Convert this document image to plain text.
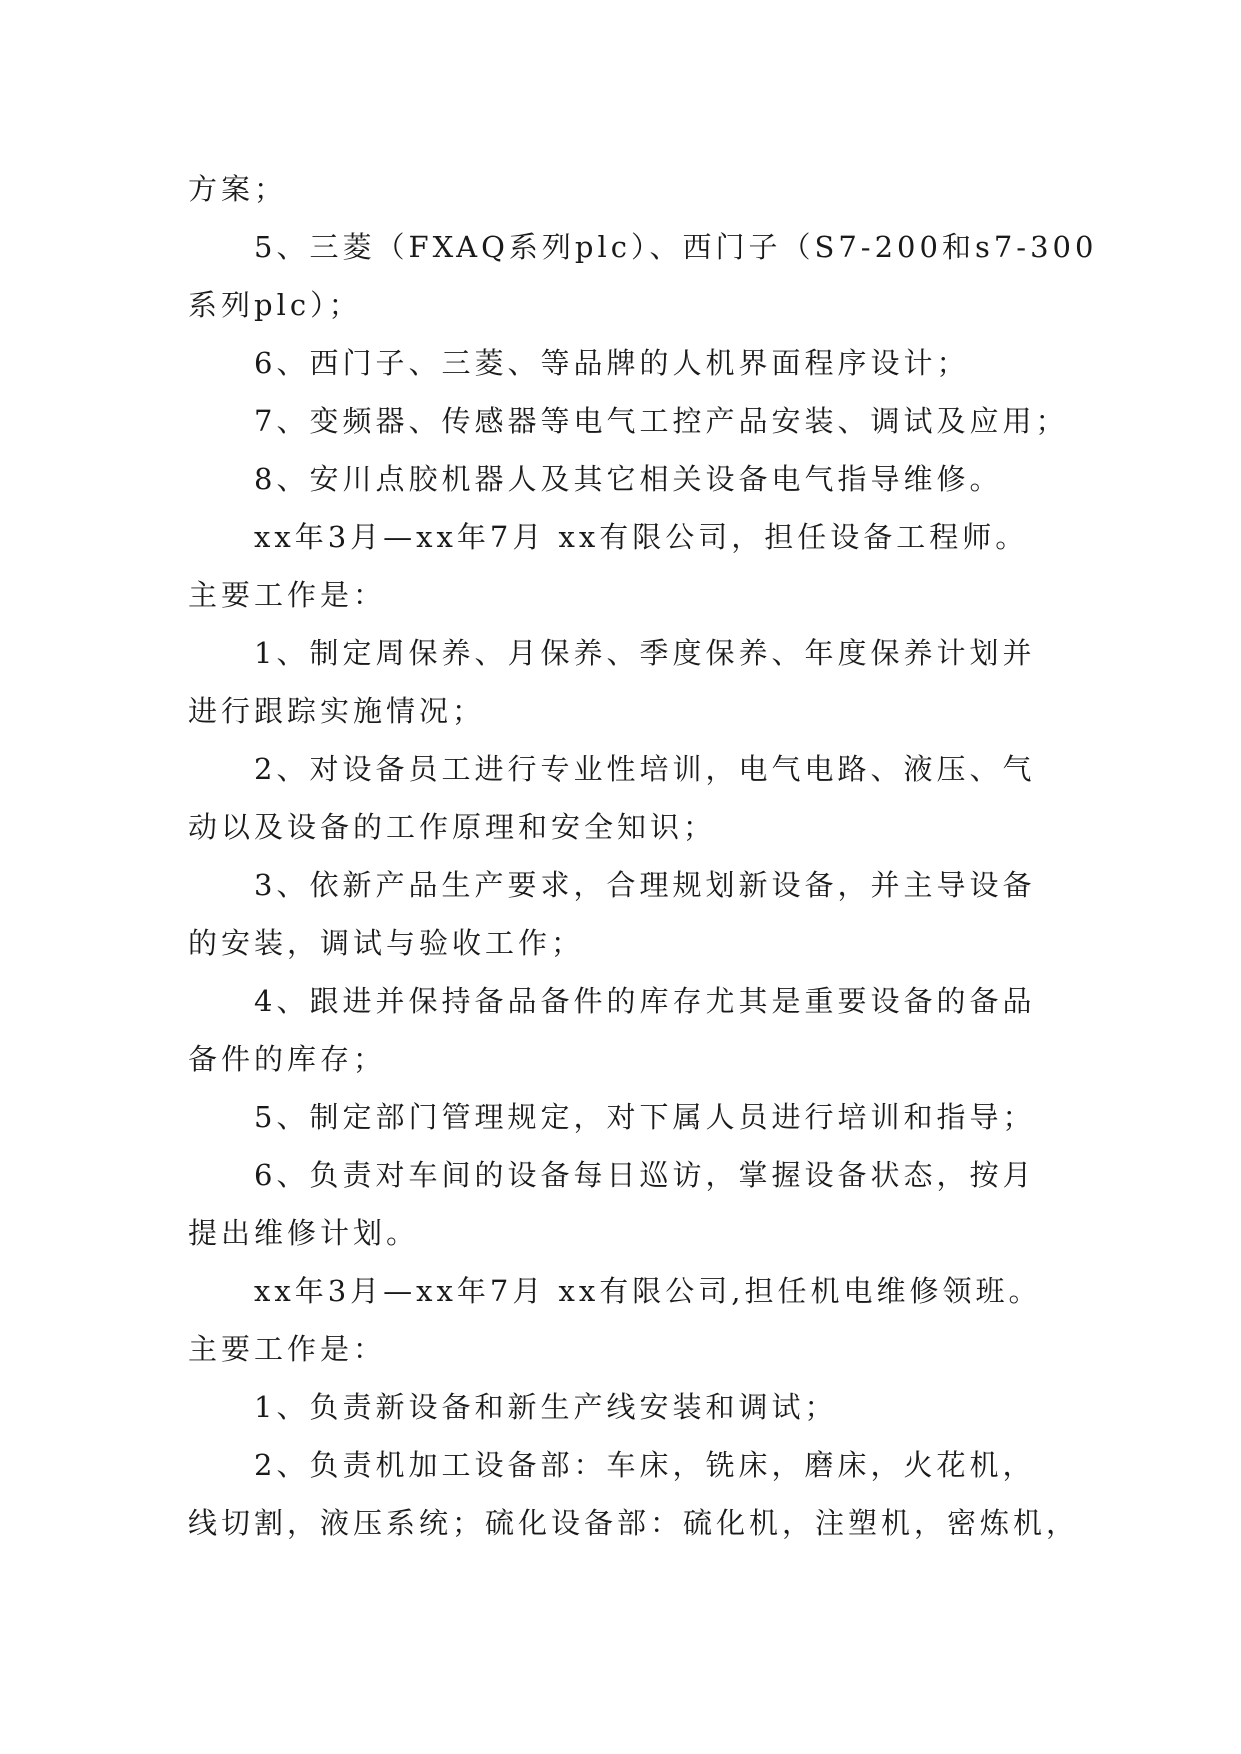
方案；

5、三菱（FXAQ系列plc）、西门子（S7-200和s7-300

系列plc）；

6、西门子、三菱、等品牌的人机界面程序设计；

7、变频器、传感器等电气工控产品安装、调试及应用；

8、安川点胶机器人及其它相关设备电气指导维修。

xx年3月—xx年7月 xx有限公司，担任设备工程师。

主要工作是：

1、制定周保养、月保养、季度保养、年度保养计划并

进行跟踪实施情况；

2、对设备员工进行专业性培训，电气电路、液压、气

动以及设备的工作原理和安全知识；

3、依新产品生产要求，合理规划新设备，并主导设备

的安装，调试与验收工作；

4、跟进并保持备品备件的库存尤其是重要设备的备品

备件的库存；

5、制定部门管理规定，对下属人员进行培训和指导；

6、负责对车间的设备每日巡访，掌握设备状态，按月

提出维修计划。

xx年3月—xx年7月 xx有限公司,担任机电维修领班。

主要工作是：

1、负责新设备和新生产线安装和调试；

2、负责机加工设备部：车床，铣床，磨床，火花机，

线切割，液压系统；硫化设备部：硫化机，注塑机，密炼机，
